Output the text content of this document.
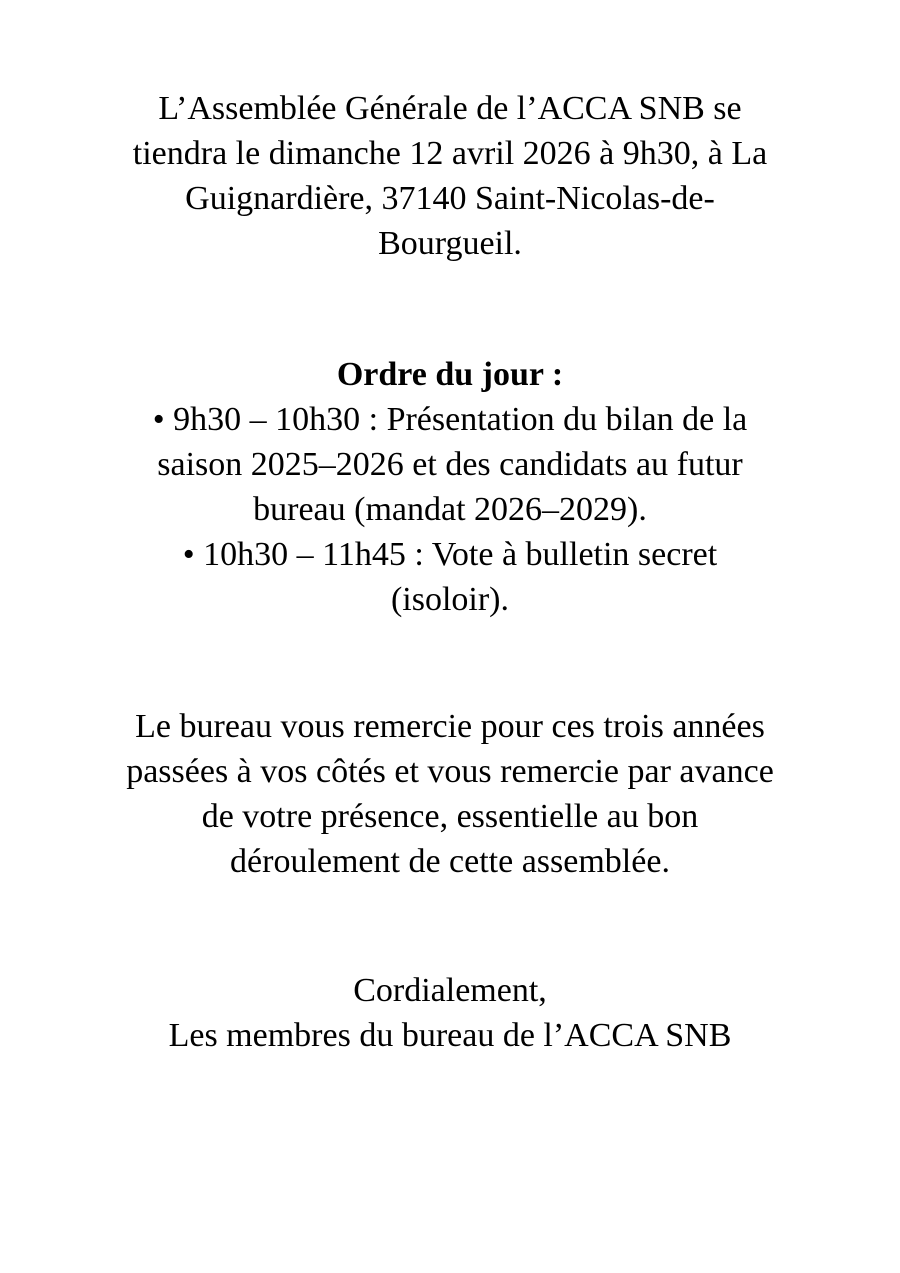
L’Assemblée Générale de l’ACCA SNB se
tiendra le dimanche 12 avril 2026 à 9h30, à La
Guignardière, 37140 Saint-Nicolas-de-
Bourgueil.
Ordre du jour :
• 9h30 – 10h30 : Présentation du bilan de la
saison 2025–2026 et des candidats au futur
bureau (mandat 2026–2029).
• 10h30 – 11h45 : Vote à bulletin secret
(isoloir).
Le bureau vous remercie pour ces trois années
passées à vos côtés et vous remercie par avance
de votre présence, essentielle au bon
déroulement de cette assemblée.
Cordialement,
Les membres du bureau de l’ACCA SNB
